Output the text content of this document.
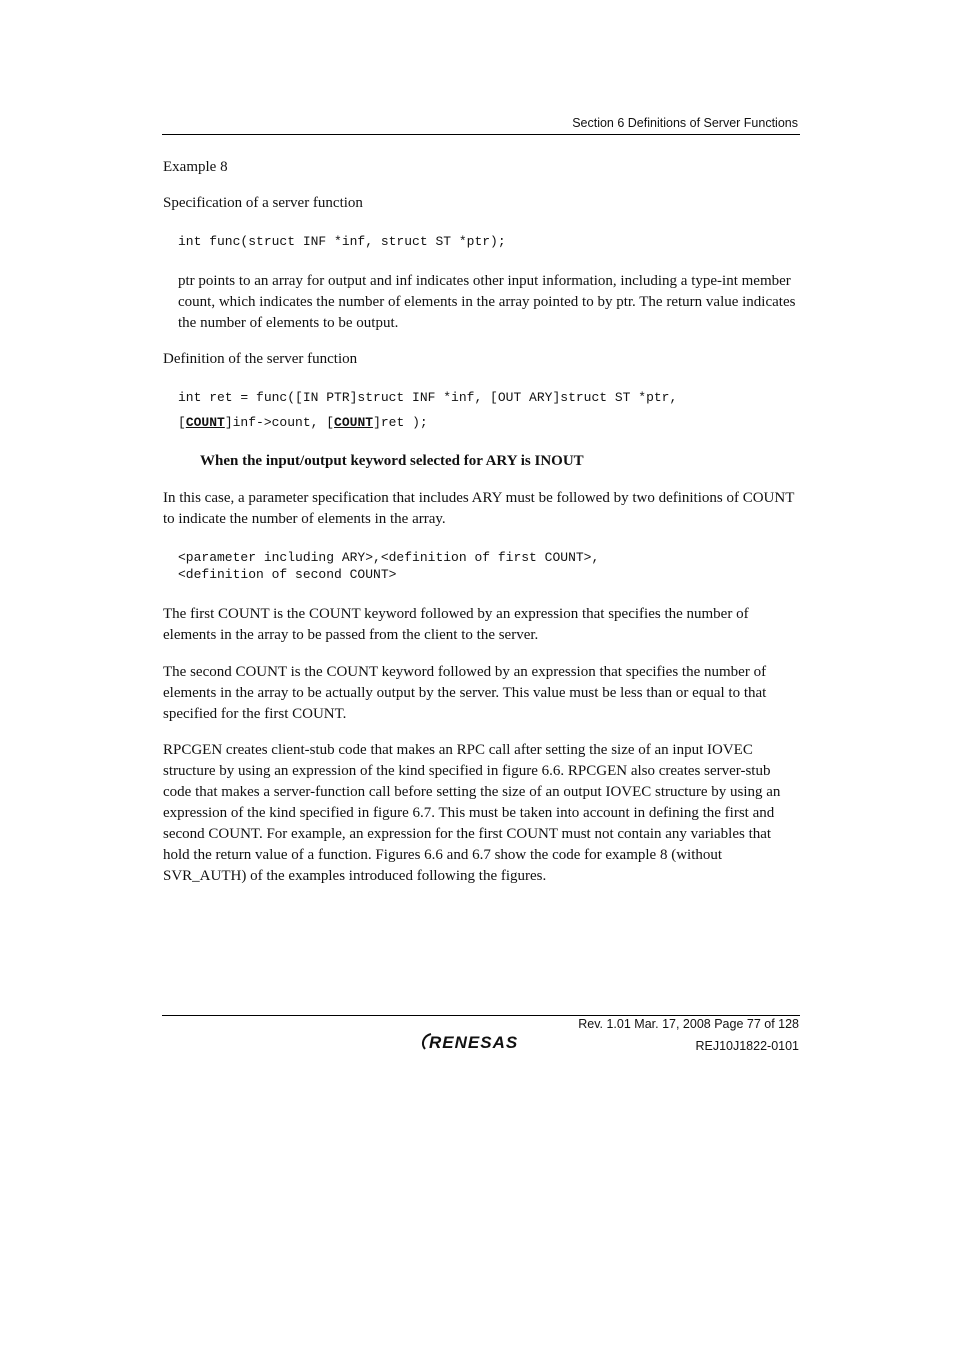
Section 6 Definitions of Server Functions
Example 8
Specification of a server function
int func(struct INF *inf, struct ST *ptr);
ptr points to an array for output and inf indicates other input information, including a type-int member count, which indicates the number of elements in the array pointed to by ptr. The return value indicates the number of elements to be output.
Definition of the server function
int ret = func([IN PTR]struct INF *inf, [OUT ARY]struct ST *ptr,
[COUNT]inf->count, [COUNT]ret );
When the input/output keyword selected for ARY is INOUT
In this case, a parameter specification that includes ARY must be followed by two definitions of COUNT to indicate the number of elements in the array.
<parameter including ARY>,<definition of first COUNT>,
<definition of second COUNT>
The first COUNT is the COUNT keyword followed by an expression that specifies the number of elements in the array to be passed from the client to the server.
The second COUNT is the COUNT keyword followed by an expression that specifies the number of elements in the array to be actually output by the server. This value must be less than or equal to that specified for the first COUNT.
RPCGEN creates client-stub code that makes an RPC call after setting the size of an input IOVEC structure by using an expression of the kind specified in figure 6.6. RPCGEN also creates server-stub code that makes a server-function call before setting the size of an output IOVEC structure by using an expression of the kind specified in figure 6.7. This must be taken into account in defining the first and second COUNT. For example, an expression for the first COUNT must not contain any variables that hold the return value of a function. Figures 6.6 and 6.7 show the code for example 8 (without SVR_AUTH) of the examples introduced following the figures.
Rev. 1.01 Mar. 17, 2008 Page 77 of 128
REJ10J1822-0101
RENESAS
